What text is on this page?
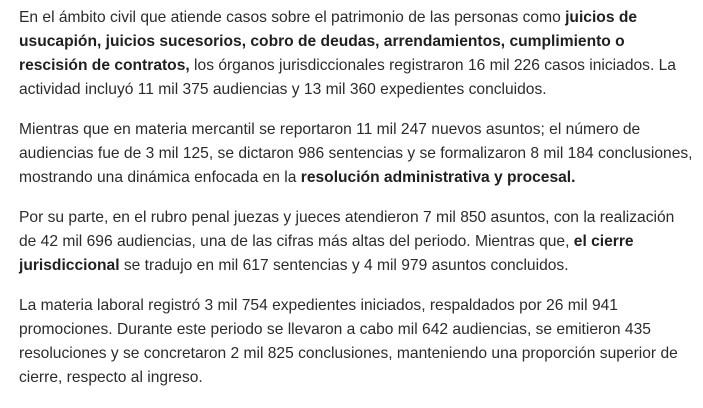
En el ámbito civil que atiende casos sobre el patrimonio de las personas como juicios de usucapión, juicios sucesorios, cobro de deudas, arrendamientos, cumplimiento o rescisión de contratos, los órganos jurisdiccionales registraron 16 mil 226 casos iniciados. La actividad incluyó 11 mil 375 audiencias y 13 mil 360 expedientes concluidos.

Mientras que en materia mercantil se reportaron 11 mil 247 nuevos asuntos; el número de audiencias fue de 3 mil 125, se dictaron 986 sentencias y se formalizaron 8 mil 184 conclusiones, mostrando una dinámica enfocada en la resolución administrativa y procesal.

Por su parte, en el rubro penal juezas y jueces atendieron 7 mil 850 asuntos, con la realización de 42 mil 696 audiencias, una de las cifras más altas del periodo. Mientras que, el cierre jurisdiccional se tradujo en mil 617 sentencias y 4 mil 979 asuntos concluidos.

La materia laboral registró 3 mil 754 expedientes iniciados, respaldados por 26 mil 941 promociones. Durante este periodo se llevaron a cabo mil 642 audiencias, se emitieron 435 resoluciones y se concretaron 2 mil 825 conclusiones, manteniendo una proporción superior de cierre, respecto al ingreso.
